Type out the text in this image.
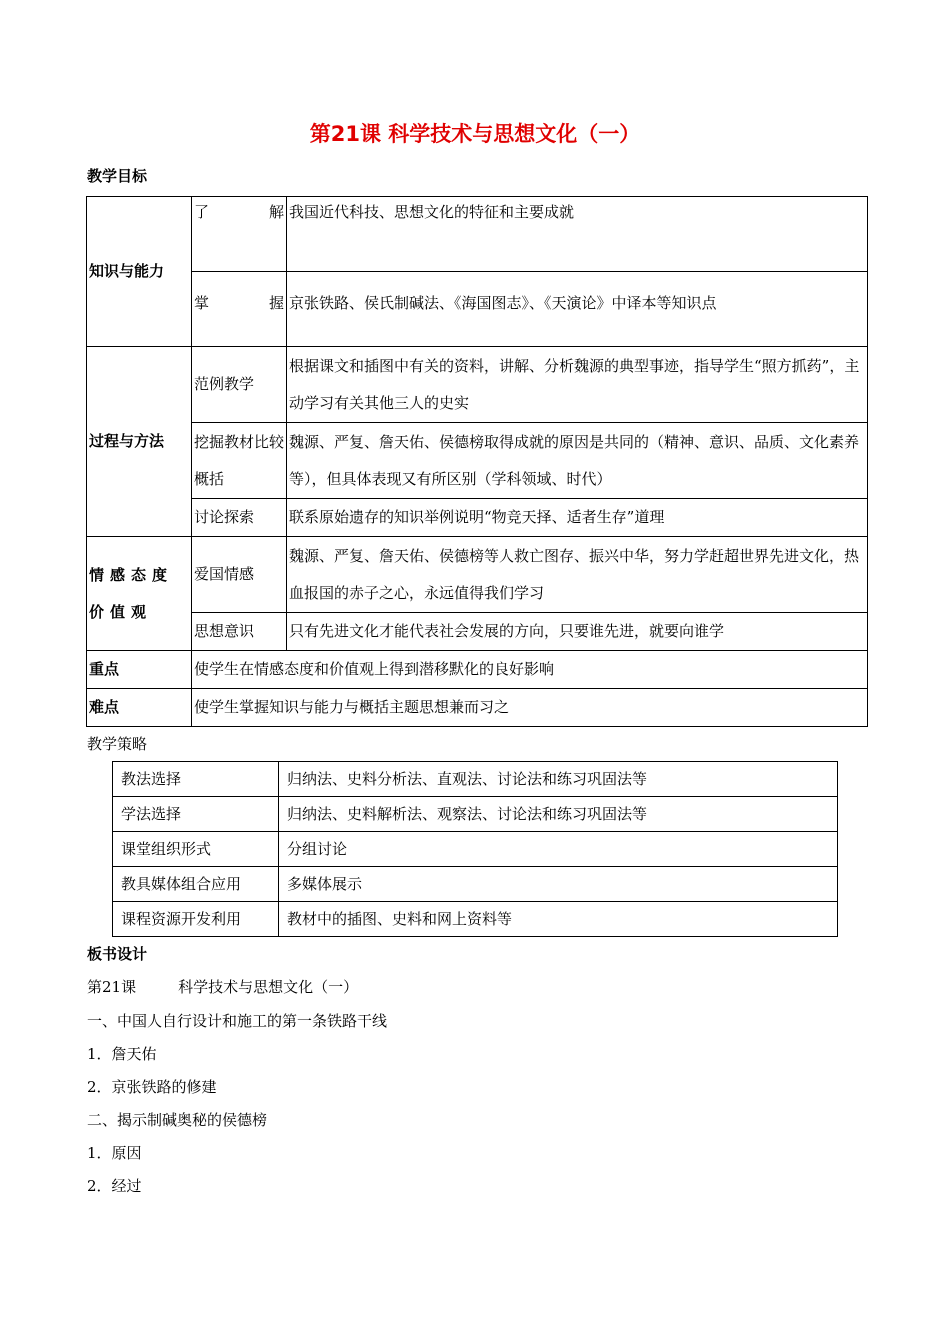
第21课 科学技术与思想文化（一）
教学目标
知识与能力	了 解	我国近代科技、思想文化的特征和主要成就

	掌 握	京张铁路、侯氏制碱法、《海国图志》、《天演论》中译本等知识点
过程与方法	范例教学	根据课文和插图中有关的资料，讲解、分析魏源的典型事迹，指导学生“照方抓药”，主动学习有关其他三人的史实
	挖掘教材比较概括	魏源、严复、詹天佑、侯德榜取得成就的原因是共同的（精神、意识、品质、文化素养等），但具体表现又有所区别（学科领域、时代）
	讨论探索	联系原始遗存的知识举例说明“物竞天择、适者生存”道理
情感态度价值观	爱国情感	魏源、严复、詹天佑、侯德榜等人救亡图存、振兴中华，努力学赶超世界先进文化，热血报国的赤子之心，永远值得我们学习
	思想意识	只有先进文化才能代表社会发展的方向，只要谁先进，就要向谁学
重点	使学生在情感态度和价值观上得到潜移默化的良好影响	
难点	使学生掌握知识与能力与概括主题思想兼而习之	
教学策略
教法选择	归纳法、史料分析法、直观法、讨论法和练习巩固法等
学法选择	归纳法、史料解析法、观察法、讨论法和练习巩固法等
课堂组织形式	分组讨论
教具媒体组合应用	多媒体展示
课程资源开发利用	教材中的插图、史料和网上资料等
板书设计
第21课	科学技术与思想文化（一）
一、中国人自行设计和施工的第一条铁路干线
1．詹天佑
2．京张铁路的修建
二、揭示制碱奥秘的侯德榜
1．原因
2．经过
